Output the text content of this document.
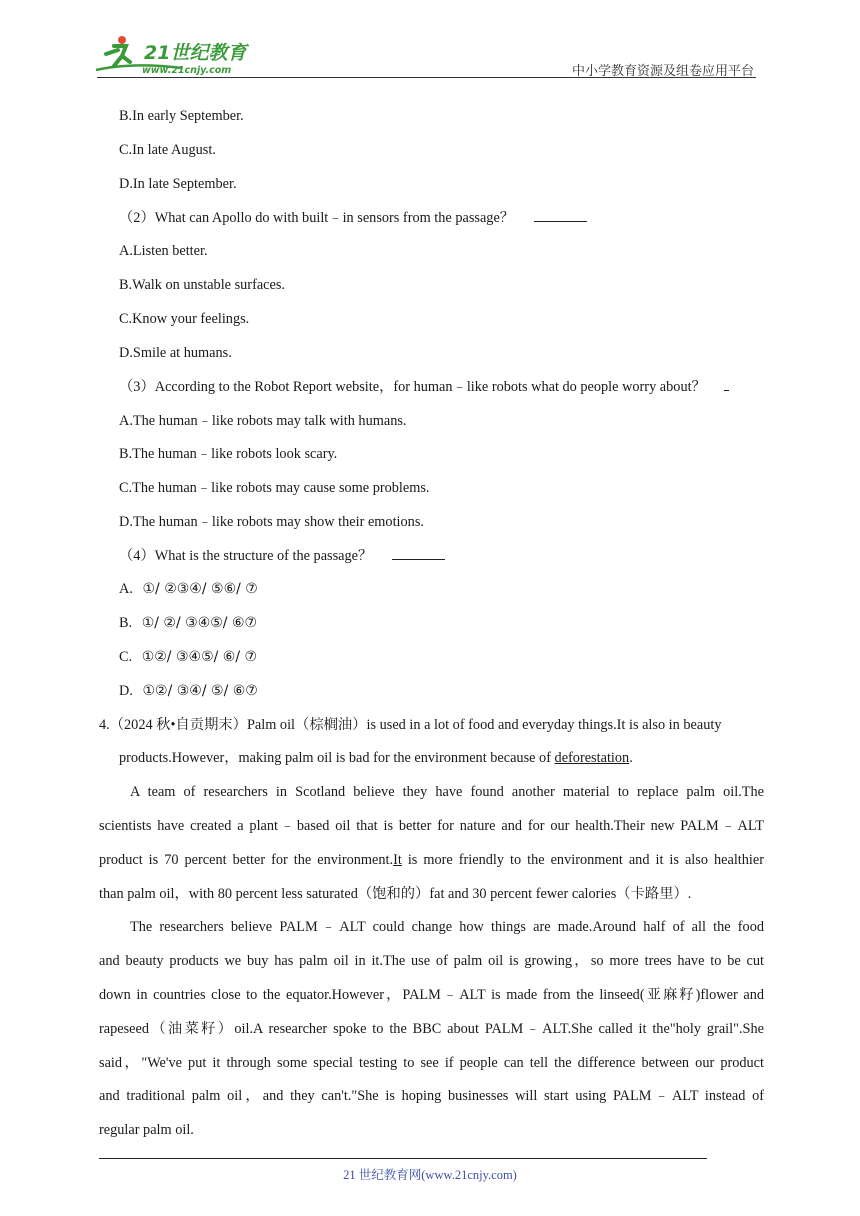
21世纪教育
www.21cnjy.com	中小学教育资源及组卷应用平台
B.In early September.
C.In late August.
D.In late September.
（2）What can Apollo do with built﹣in sensors from the passage？
A.Listen better.
B.Walk on unstable surfaces.
C.Know your feelings.
D.Smile at humans.
（3）According to the Robot Report website，for human﹣like robots what do people worry about？
A.The human﹣like robots may talk with humans.
B.The human﹣like robots look scary.
C.The human﹣like robots may cause some problems.
D.The human﹣like robots may show their emotions.
（4）What is the structure of the passage？
A. ①/ ②③④/ ⑤⑥/ ⑦
B. ①/ ②/ ③④⑤/ ⑥⑦
C. ①②/ ③④⑤/ ⑥/ ⑦
D. ①②/ ③④/ ⑤/ ⑥⑦
4.（2024 秋•自贡期末）Palm oil（棕榈油）is used in a lot of food and everyday things.It is also in beauty
products.However，making palm oil is bad for the environment because of deforestation.
A team of researchers in Scotland believe they have found another material to replace palm oil.The
scientists have created a plant﹣based oil that is better for nature and for our health.Their new PALM﹣ALT
product is 70 percent better for the environment.It is more friendly to the environment and it is also healthier
than palm oil，with 80 percent less saturated（饱和的）fat and 30 percent fewer calories（卡路里）.
The researchers believe PALM﹣ALT could change how things are made.Around half of all the food
and beauty products we buy has palm oil in it.The use of palm oil is growing，so more trees have to be cut
down in countries close to the equator.However，PALM﹣ALT is made from the linseed(亚麻籽)flower and
rapeseed（油菜籽）oil.A researcher spoke to the BBC about PALM﹣ALT.She called it the"holy grail".She
said，"We've put it through some special testing to see if people can tell the difference between our product
and traditional palm oil，and they can't."She is hoping businesses will start using PALM﹣ALT instead of
regular palm oil.
21 世纪教育网(www.21cnjy.com)
